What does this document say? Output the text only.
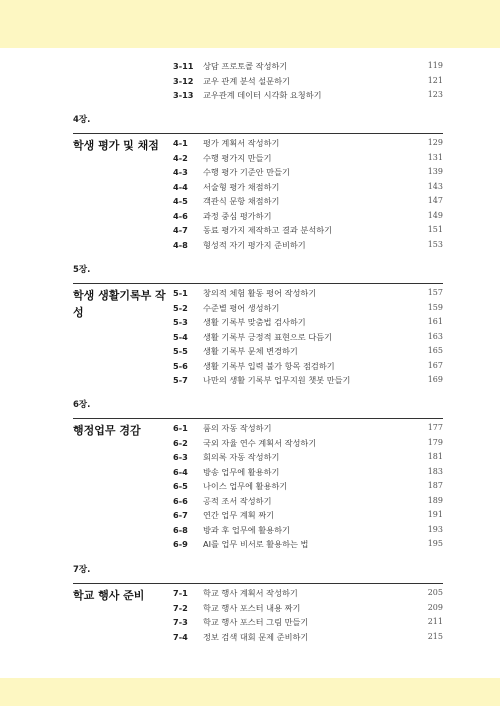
3-11 상담 프로토콜 작성하기	119
3-12 교우 관계 분석 설문하기	121
3-13 교우관계 데이터 시각화 요청하기	123
4장.
학생 평가 및 채점	4-1 평가 계획서 작성하기	129
4-2 수행 평가지 만들기	131
4-3 수행 평가 기준안 만들기	139
4-4 서술형 평가 채점하기	143
4-5 객관식 문항 채점하기	147
4-6 과정 중심 평가하기	149
4-7 동료 평가지 제작하고 결과 분석하기	151
4-8 형성적 자기 평가지 준비하기	153
5장.
학생 생활기록부 작성
5-1 창의적 체험 활동 평어 작성하기	157
5-2 수준별 평어 생성하기	159
5-3 생활 기록부 맞춤법 검사하기	161
5-4 생활 기록부 긍정적 표현으로 다듬기	163
5-5 생활 기록부 문체 변경하기	165
5-6 생활 기록부 입력 불가 항목 점검하기	167
5-7 나만의 생활 기록부 업무지원 챗봇 만들기	169
6장.
행정업무 경감	6-1 품의 자동 작성하기	177
6-2 국외 자율 연수 계획서 작성하기	179
6-3 회의록 자동 작성하기	181
6-4 방송 업무에 활용하기	183
6-5 나이스 업무에 활용하기	187
6-6 공적 조서 작성하기	189
6-7 연간 업무 계획 짜기	191
6-8 방과 후 업무에 활용하기	193
6-9 AI를 업무 비서로 활용하는 법	195
7장.
학교 행사 준비	7-1 학교 행사 계획서 작성하기	205
7-2 학교 행사 포스터 내용 짜기	209
7-3 학교 행사 포스터 그림 만들기	211
7-4 정보 검색 대회 문제 준비하기	215
